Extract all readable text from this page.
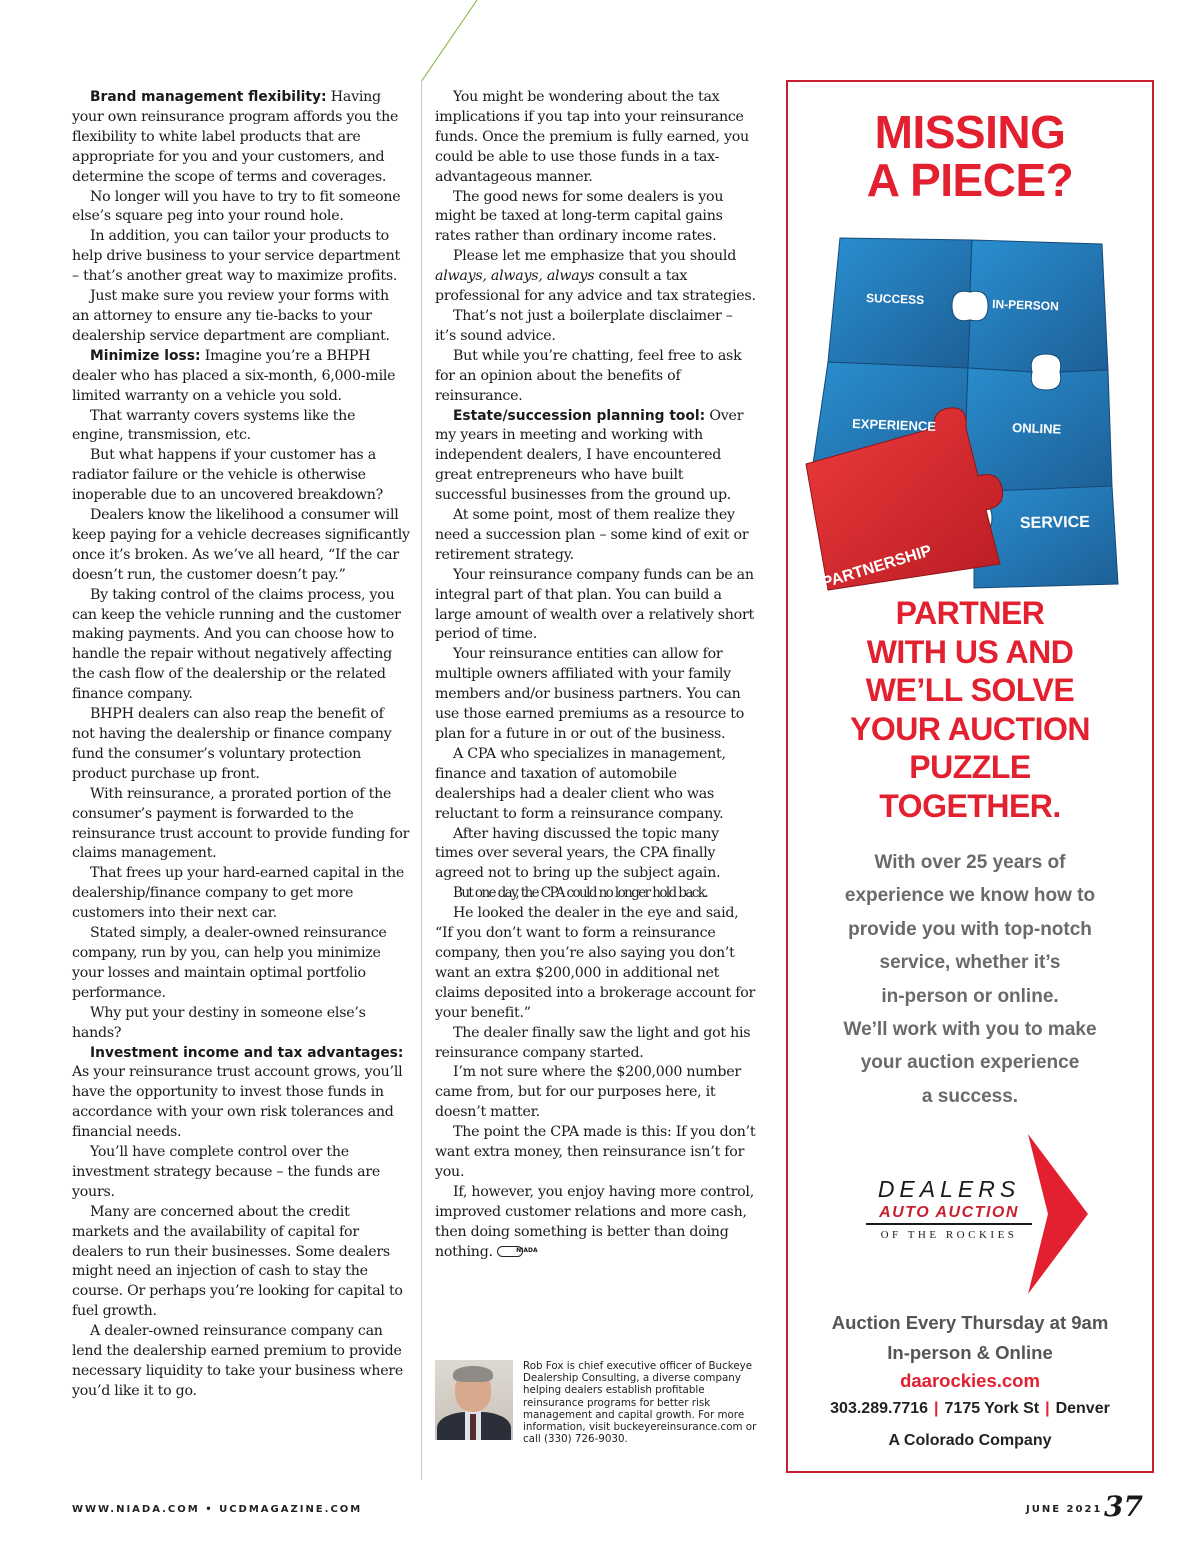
Brand management flexibility: Having your own reinsurance program affords you the flexibility to white label products that are appropriate for you and your customers, and determine the scope of terms and coverages.

No longer will you have to try to fit someone else’s square peg into your round hole.

In addition, you can tailor your products to help drive business to your service department – that’s another great way to maximize profits.

Just make sure you review your forms with an attorney to ensure any tie-backs to your dealership service department are compliant.

Minimize loss: Imagine you’re a BHPH dealer who has placed a six-month, 6,000-mile limited warranty on a vehicle you sold.

That warranty covers systems like the engine, transmission, etc.

But what happens if your customer has a radiator failure or the vehicle is otherwise inoperable due to an uncovered breakdown?

Dealers know the likelihood a consumer will keep paying for a vehicle decreases significantly once it’s broken. As we’ve all heard, “If the car doesn’t run, the customer doesn’t pay.”

By taking control of the claims process, you can keep the vehicle running and the customer making payments. And you can choose how to handle the repair without negatively affecting the cash flow of the dealership or the related finance company.

BHPH dealers can also reap the benefit of not having the dealership or finance company fund the consumer’s voluntary protection product purchase up front.

With reinsurance, a prorated portion of the consumer’s payment is forwarded to the reinsurance trust account to provide funding for claims management.

That frees up your hard-earned capital in the dealership/finance company to get more customers into their next car.

Stated simply, a dealer-owned reinsurance company, run by you, can help you minimize your losses and maintain optimal portfolio performance.

Why put your destiny in someone else’s hands?

Investment income and tax advantages: As your reinsurance trust account grows, you’ll have the opportunity to invest those funds in accordance with your own risk tolerances and financial needs.

You’ll have complete control over the investment strategy because – the funds are yours.

Many are concerned about the credit markets and the availability of capital for dealers to run their businesses. Some dealers might need an injection of cash to stay the course. Or perhaps you’re looking for capital to fuel growth.

A dealer-owned reinsurance company can lend the dealership earned premium to provide necessary liquidity to take your business where you’d like it to go.

You might be wondering about the tax implications if you tap into your reinsurance funds. Once the premium is fully earned, you could be able to use those funds in a tax-advantageous manner.

The good news for some dealers is you might be taxed at long-term capital gains rates rather than ordinary income rates.

Please let me emphasize that you should always, always, always consult a tax professional for any advice and tax strategies.

That’s not just a boilerplate disclaimer – it’s sound advice.

But while you’re chatting, feel free to ask for an opinion about the benefits of reinsurance.

Estate/succession planning tool: Over my years in meeting and working with independent dealers, I have encountered great entrepreneurs who have built successful businesses from the ground up.

At some point, most of them realize they need a succession plan – some kind of exit or retirement strategy.

Your reinsurance company funds can be an integral part of that plan. You can build a large amount of wealth over a relatively short period of time.

Your reinsurance entities can allow for multiple owners affiliated with your family members and/or business partners. You can use those earned premiums as a resource to plan for a future in or out of the business.

A CPA who specializes in management, finance and taxation of automobile dealerships had a dealer client who was reluctant to form a reinsurance company.

After having discussed the topic many times over several years, the CPA finally agreed not to bring up the subject again.

But one day, the CPA could no longer hold back.

He looked the dealer in the eye and said, “If you don’t want to form a reinsurance company, then you’re also saying you don’t want an extra $200,000 in additional net claims deposited into a brokerage account for your benefit.”

The dealer finally saw the light and got his reinsurance company started.

I’m not sure where the $200,000 number came from, but for our purposes here, it doesn’t matter.

The point the CPA made is this: If you don’t want extra money, then reinsurance isn’t for you.

If, however, you enjoy having more control, improved customer relations and more cash, then doing something is better than doing nothing.	NIADA

Rob Fox is chief executive officer of Buckeye Dealership Consulting, a diverse company helping dealers establish profitable reinsurance programs for better risk management and capital growth. For more information, visit buckeyereinsurance.com or call (330) 726-9030.
MISSING
A PIECE?
SUCCESS	IN-PERSON
EXPERIENCE	ONLINE
SERVICE
PARTNERSHIP
PARTNER
WITH US AND
WE’LL SOLVE
YOUR AUCTION
PUZZLE
TOGETHER.
With over 25 years of
experience we know how to
provide you with top-notch
service, whether it’s
in-person or online.
We’ll work with you to make
your auction experience
a success.
DEALERS
AUTO AUCTION
OF THE ROCKIES
Auction Every Thursday at 9am
In-person & Online
daarockies.com
303.289.7716 | 7175 York St | Denver
A Colorado Company
WWW.NIADA.COM • UCDMAGAZINE.COM	JUNE 2021 37
